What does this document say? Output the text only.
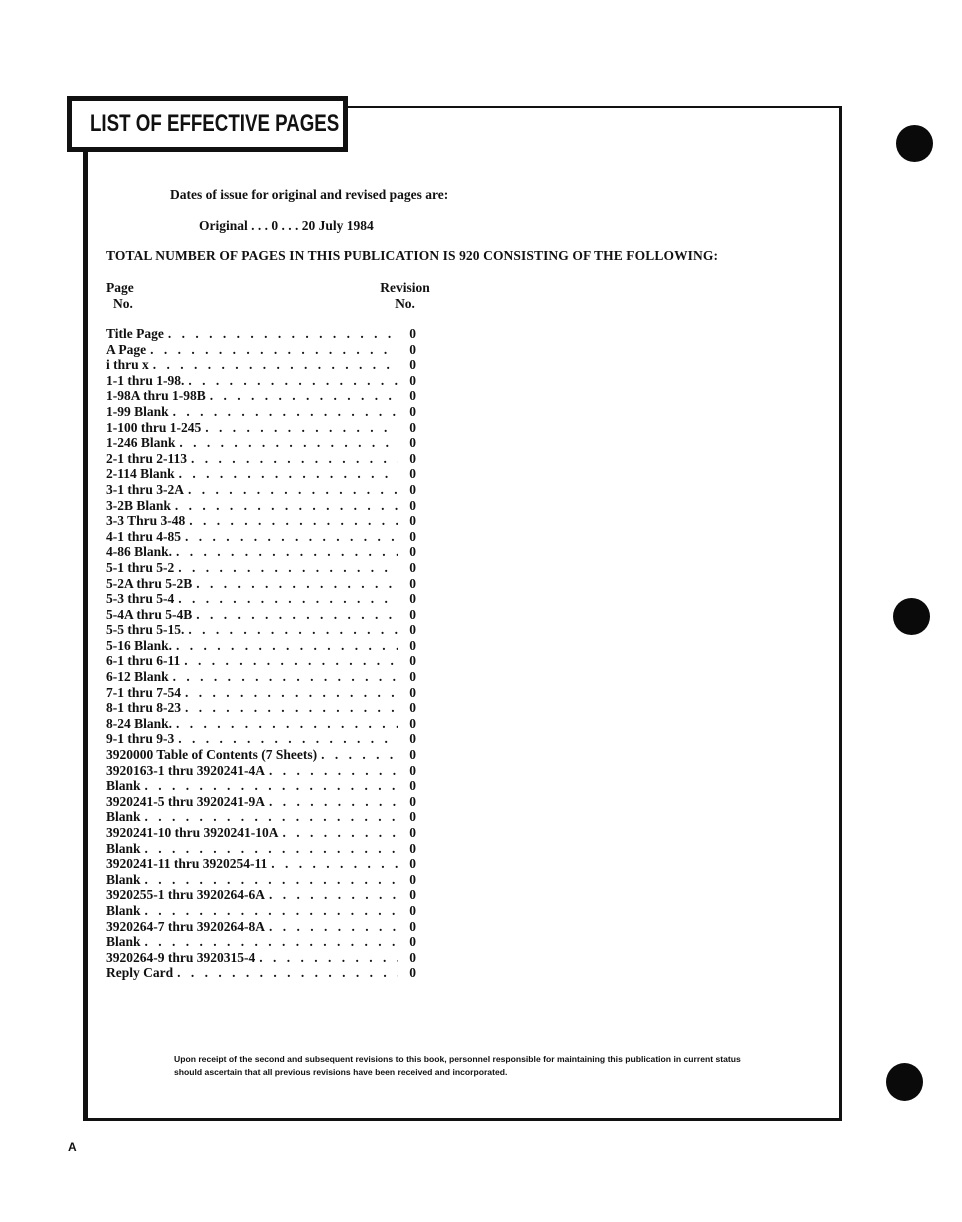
LIST OF EFFECTIVE PAGES
Dates of issue for original and revised pages are:
Original . . . 0 . . . 20 July 1984
TOTAL NUMBER OF PAGES IN THIS PUBLICATION IS 920 CONSISTING OF THE FOLLOWING:
Page
No.
Revision
No.
Title Page . . .	0
A Page . . .	0
i thru x . . .	0
1-1 thru 1-98. . . .	0
1-98A thru 1-98B . . .	0
1-99 Blank . . .	0
1-100 thru 1-245 . . .	0
1-246 Blank . . .	0
2-1 thru 2-113 . . .	0
2-114 Blank . . .	0
3-1 thru 3-2A . . .	0
3-2B Blank . . .	0
3-3 Thru 3-48 . . .	0
4-1 thru 4-85 . . .	0
4-86 Blank. . . .	0
5-1 thru 5-2 . . .	0
5-2A thru 5-2B . . .	0
5-3 thru 5-4 . . .	0
5-4A thru 5-4B . . .	0
5-5 thru 5-15. . . .	0
5-16 Blank. . . .	0
6-1 thru 6-11 . . .	0
6-12 Blank . . .	0
7-1 thru 7-54 . . .	0
8-1 thru 8-23 . . .	0
8-24 Blank. . . .	0
9-1 thru 9-3 . . .	0
3920000 Table of Contents (7 Sheets) . . .	0
3920163-1 thru 3920241-4A . . .	0
Blank . . .	0
3920241-5 thru 3920241-9A . . .	0
Blank . . .	0
3920241-10 thru 3920241-10A . . .	0
Blank . . .	0
3920241-11 thru 3920254-11 . . .	0
Blank . . .	0
3920255-1 thru 3920264-6A . . .	0
Blank . . .	0
3920264-7 thru 3920264-8A . . .	0
Blank . . .	0
3920264-9 thru 3920315-4 . . .	0
Reply Card . . .	0
Upon receipt of the second and subsequent revisions to this book, personnel responsible for maintaining this publication in current status should ascertain that all previous revisions have been received and incorporated.
A
